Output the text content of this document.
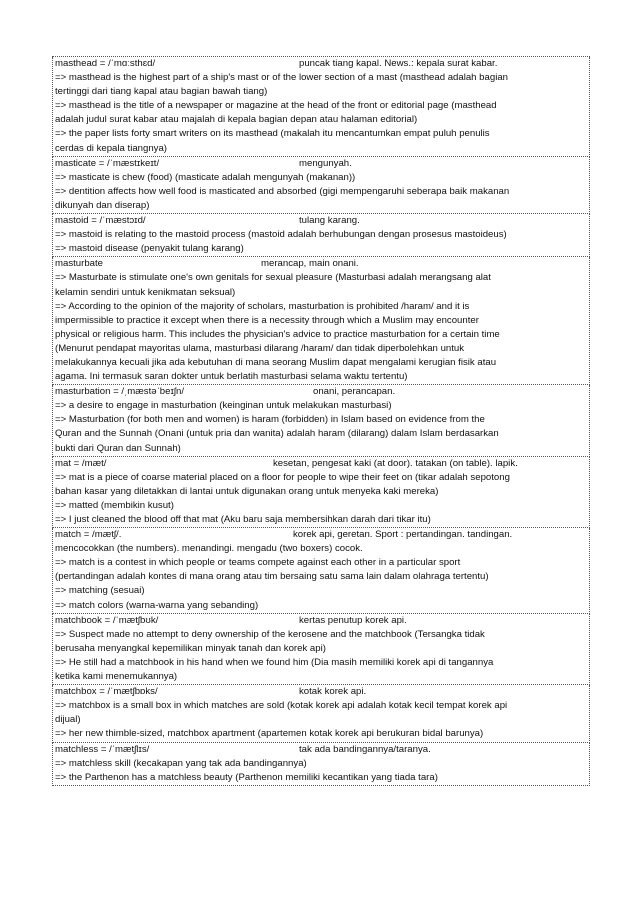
masthead = /ˈmɑːsthɛd/	puncak tiang kapal. News.: kepala surat kabar.
=> masthead is the highest part of a ship's mast or of the lower section of a mast (masthead adalah bagian
tertinggi dari tiang kapal atau bagian bawah tiang)
=> masthead is the title of a newspaper or magazine at the head of the front or editorial page (masthead
adalah judul surat kabar atau majalah di kepala bagian depan atau halaman editorial)
=> the paper lists forty smart writers on its masthead (makalah itu mencantumkan empat puluh penulis
cerdas di kepala tiangnya)
masticate = /ˈmæstɪkeɪt/	mengunyah.
=> masticate is chew (food) (masticate adalah mengunyah (makanan))
=> dentition affects how well food is masticated and absorbed (gigi mempengaruhi seberapa baik makanan
dikunyah dan diserap)
mastoid = /ˈmæstɔɪd/	tulang karang.
=> mastoid is relating to the mastoid process (mastoid adalah berhubungan dengan prosesus mastoideus)
=> mastoid disease (penyakit tulang karang)
masturbate	merancap, main onani.
=> Masturbate is stimulate one's own genitals for sexual pleasure (Masturbasi adalah merangsang alat
kelamin sendiri untuk kenikmatan seksual)
=> According to the opinion of the majority of scholars, masturbation is prohibited /haram/ and it is
impermissible to practice it except when there is a necessity through which a Muslim may encounter
physical or religious harm. This includes the physician's advice to practice masturbation for a certain time
(Menurut pendapat mayoritas ulama, masturbasi dilarang /haram/ dan tidak diperbolehkan untuk
melakukannya kecuali jika ada kebutuhan di mana seorang Muslim dapat mengalami kerugian fisik atau
agama. Ini termasuk saran dokter untuk berlatih masturbasi selama waktu tertentu)
masturbation = /ˌmæstəˈbeɪʃn/	onani, perancapan.
=> a desire to engage in masturbation (keinginan untuk melakukan masturbasi)
=> Masturbation (for both men and women) is haram (forbidden) in Islam based on evidence from the
Quran and the Sunnah (Onani (untuk pria dan wanita) adalah haram (dilarang) dalam Islam berdasarkan
bukti dari Quran dan Sunnah)
mat = /mæt/	kesetan, pengesat kaki (at door). tatakan (on table). lapik.
=> mat is a piece of coarse material placed on a floor for people to wipe their feet on (tikar adalah sepotong
bahan kasar yang diletakkan di lantai untuk digunakan orang untuk menyeka kaki mereka)
=> matted (membikin kusut)
=> I just cleaned the blood off that mat (Aku baru saja membersihkan darah dari tikar itu)
match = /mætʃ/.	korek api, geretan. Sport : pertandingan. tandingan.
mencocokkan (the numbers). menandingi. mengadu (two boxers) cocok.
=> match is a contest in which people or teams compete against each other in a particular sport
(pertandingan adalah kontes di mana orang atau tim bersaing satu sama lain dalam olahraga tertentu)
=> matching (sesuai)
=> match colors (warna-warna yang sebanding)
matchbook = /ˈmætʃbʊk/	kertas penutup korek api.
=> Suspect made no attempt to deny ownership of the kerosene and the matchbook (Tersangka tidak
berusaha menyangkal kepemilikan minyak tanah dan korek api)
=> He still had a matchbook in his hand when we found him (Dia masih memiliki korek api di tangannya
ketika kami menemukannya)
matchbox = /ˈmætʃbɒks/	kotak korek api.
=> matchbox is a small box in which matches are sold (kotak korek api adalah kotak kecil tempat korek api
dijual)
=> her new thimble-sized, matchbox apartment (apartemen kotak korek api berukuran bidal barunya)
matchless = /ˈmætʃlɪs/	tak ada bandingannya/taranya.
=> matchless skill (kecakapan yang tak ada bandingannya)
=> the Parthenon has a matchless beauty (Parthenon memiliki kecantikan yang tiada tara)
